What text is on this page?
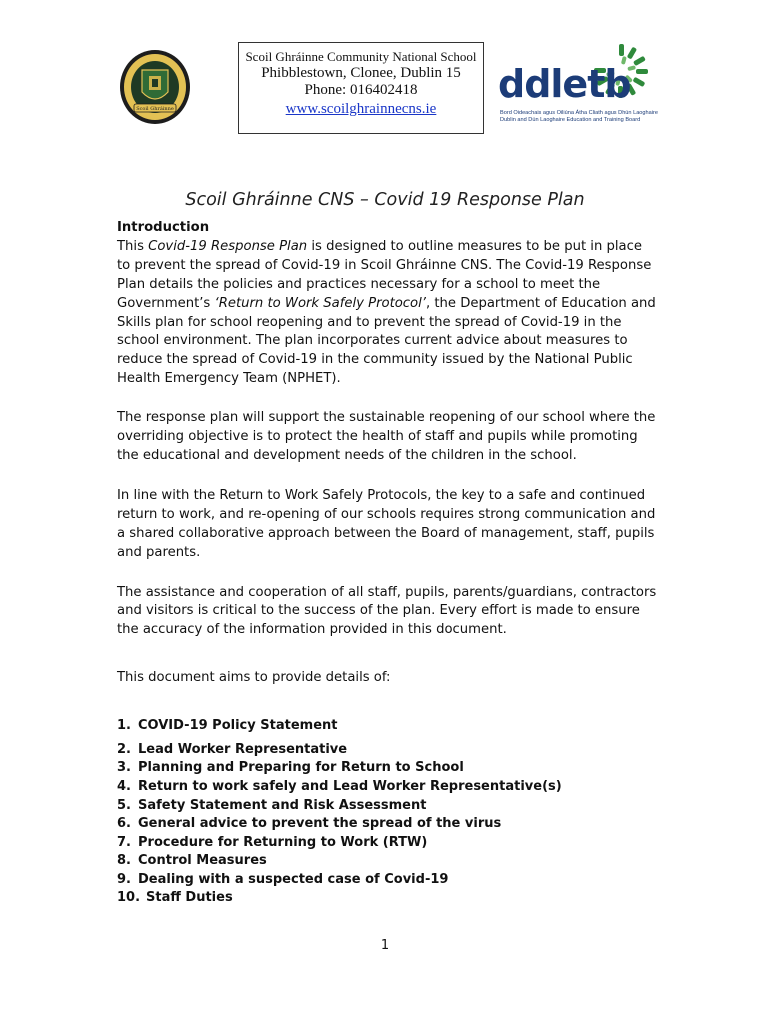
Scoil Ghráinne
Scoil Ghráinne Community National School
Phibblestown, Clonee, Dublin 15
Phone: 016402418
www.scoilghrainnecns.ie
ddletb
Bord Oideachais agus Oiliúna Átha Cliath agus Dhún Laoghaire
Dublin and Dún Laoghaire Education and Training Board
Scoil Ghráinne CNS – Covid 19 Response Plan

Introduction

This Covid-19 Response Plan is designed to outline measures to be put in place to prevent the spread of Covid-19 in Scoil Ghráinne CNS. The Covid-19 Response Plan details the policies and practices necessary for a school to meet the Government’s ‘Return to Work Safely Protocol’, the Department of Education and Skills plan for school reopening and to prevent the spread of Covid-19 in the school environment. The plan incorporates current advice about measures to reduce the spread of Covid-19 in the community issued by the National Public Health Emergency Team (NPHET).

The response plan will support the sustainable reopening of our school where the overriding objective is to protect the health of staff and pupils while promoting the educational and development needs of the children in the school.

In line with the Return to Work Safely Protocols, the key to a safe and continued return to work, and re-opening of our schools requires strong communication and a shared collaborative approach between the Board of management, staff, pupils and parents.

The assistance and cooperation of all staff, pupils, parents/guardians, contractors and visitors is critical to the success of the plan. Every effort is made to ensure the accuracy of the information provided in this document.

This document aims to provide details of:

1. COVID-19 Policy Statement
2. Lead Worker Representative
3. Planning and Preparing for Return to School
4. Return to work safely and Lead Worker Representative(s)
5. Safety Statement and Risk Assessment
6. General advice to prevent the spread of the virus
7. Procedure for Returning to Work (RTW)
8. Control Measures
9. Dealing with a suspected case of Covid-19
10. Staff Duties
1
